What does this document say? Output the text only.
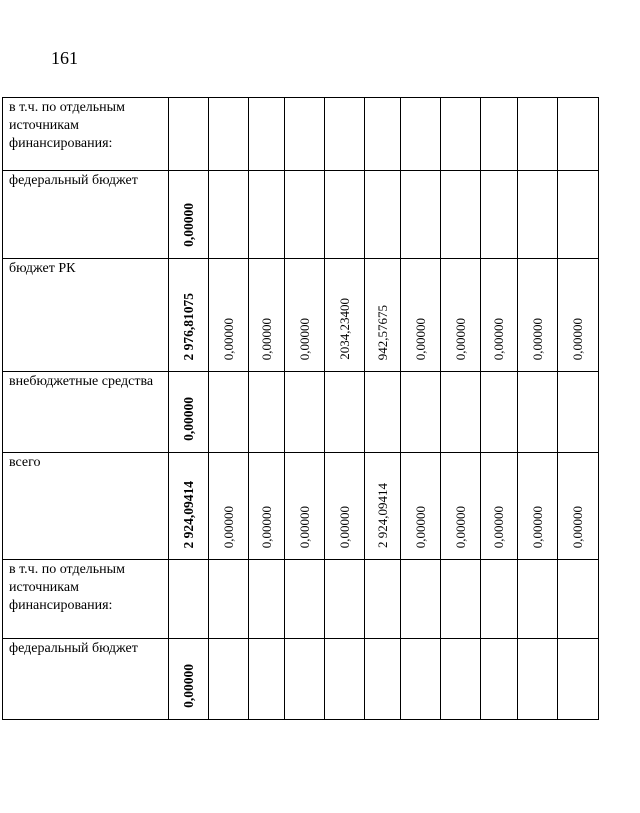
161
в т.ч. по отдельным источникам финансирования:	

федеральный бюджет	0,00000										

бюджет РК	2 976,81075	0,00000	0,00000	0,00000	2034,23400	942,57675	0,00000	0,00000	0,00000	0,00000	0,00000

внебюджетные средства	0,00000										

всего	2 924,09414	0,00000	0,00000	0,00000	0,00000	2 924,09414	0,00000	0,00000	0,00000	0,00000	0,00000

в т.ч. по отдельным источникам финансирования:	

федеральный бюджет	0,00000										
